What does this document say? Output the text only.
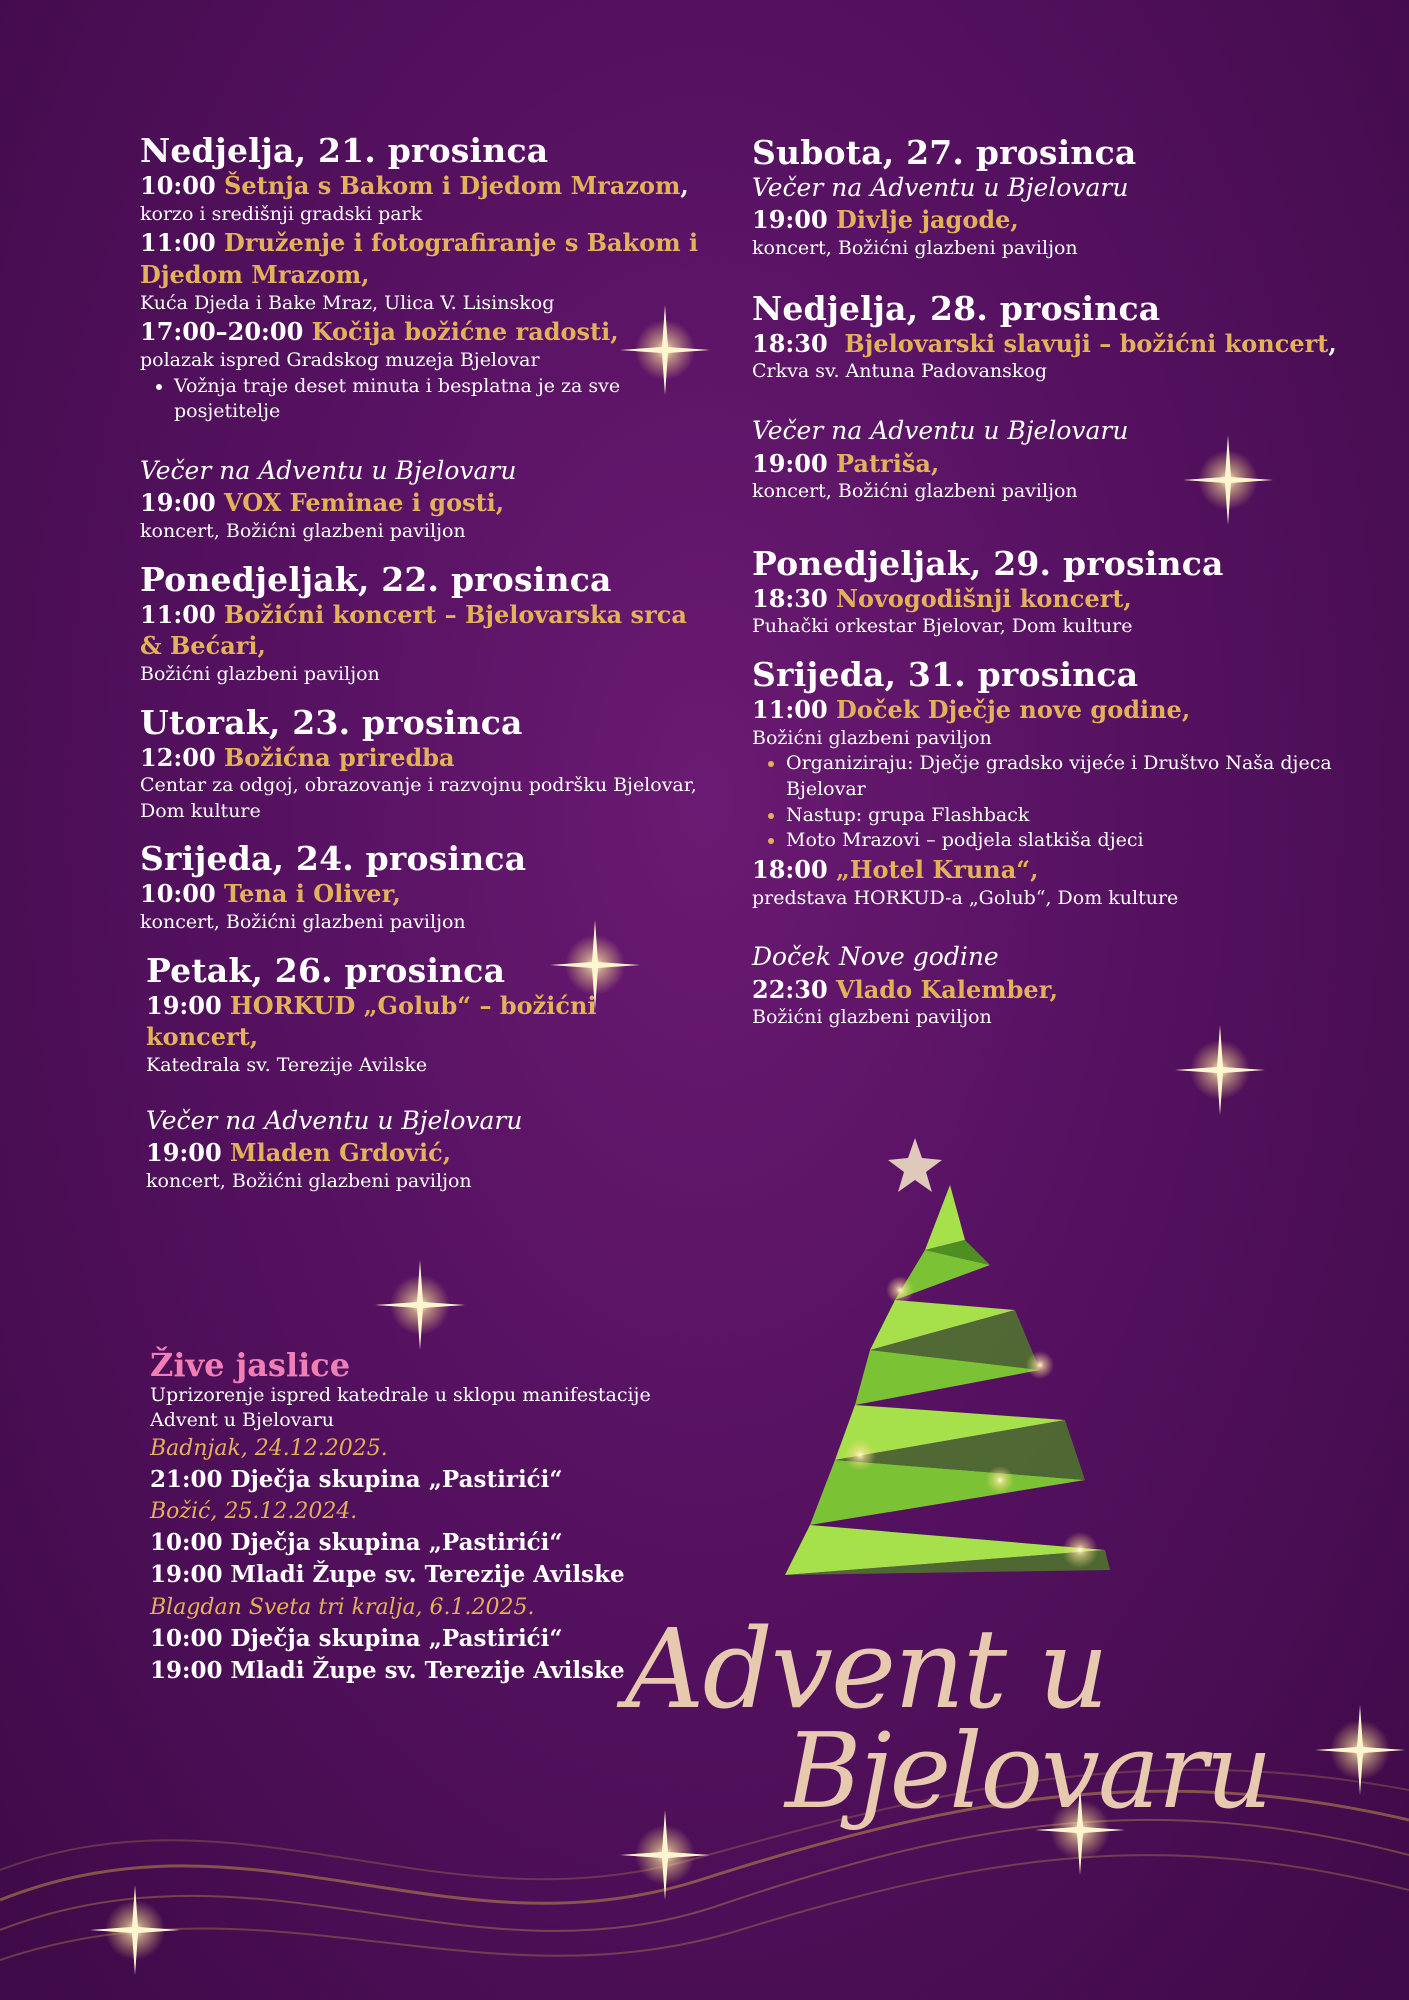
Nedjelja, 21. prosinca

10:00 Šetnja s Bakom i Djedom Mrazom,

korzo i središnji gradski park

11:00 Druženje i fotografiranje s Bakom i Djedom Mrazom,

Kuća Djeda i Bake Mraz, Ulica V. Lisinskog

17:00–20:00 Kočija božićne radosti,

polazak ispred Gradskog muzeja Bjelovar

• Vožnja traje deset minuta i besplatna je za sve posjetitelje

Večer na Adventu u Bjelovaru

19:00 VOX Feminae i gosti,

koncert, Božićni glazbeni paviljon

Ponedjeljak, 22. prosinca

11:00 Božićni koncert – Bjelovarska srca & Bećari,

Božićni glazbeni paviljon

Utorak, 23. prosinca

12:00 Božićna priredba

Centar za odgoj, obrazovanje i razvojnu podršku Bjelovar, Dom kulture

Srijeda, 24. prosinca

10:00 Tena i Oliver,

koncert, Božićni glazbeni paviljon

Petak, 26. prosinca

19:00 HORKUD „Golub“ – božićni koncert,

Katedrala sv. Terezije Avilske

Večer na Adventu u Bjelovaru

19:00 Mladen Grdović,

koncert, Božićni glazbeni paviljon

Subota, 27. prosinca

Večer na Adventu u Bjelovaru

19:00 Divlje jagode,

koncert, Božićni glazbeni paviljon

Nedjelja, 28. prosinca

18:30 Bjelovarski slavuji – božićni koncert,

Crkva sv. Antuna Padovanskog

Večer na Adventu u Bjelovaru

19:00 Patriša,

koncert, Božićni glazbeni paviljon

Ponedjeljak, 29. prosinca

18:30 Novogodišnji koncert,

Puhački orkestar Bjelovar, Dom kulture

Srijeda, 31. prosinca

11:00 Doček Dječje nove godine,

Božićni glazbeni paviljon

• Organiziraju: Dječje gradsko vijeće i Društvo Naša djeca Bjelovar
• Nastup: grupa Flashback
• Moto Mrazovi – podjela slatkiša djeci

18:00 „Hotel Kruna“,

predstava HORKUD-a „Golub“, Dom kulture

Doček Nove godine

22:30 Vlado Kalember,

Božićni glazbeni paviljon

Žive jaslice

Uprizorenje ispred katedrale u sklopu manifestacije Advent u Bjelovaru

Badnjak, 24.12.2025.

21:00 Dječja skupina „Pastirići“

Božić, 25.12.2024.

10:00 Dječja skupina „Pastirići“

19:00 Mladi Župe sv. Terezije Avilske

Blagdan Sveta tri kralja, 6.1.2025.

10:00 Dječja skupina „Pastirići“

19:00 Mladi Župe sv. Terezije Avilske Advent u
Bjelovaru
